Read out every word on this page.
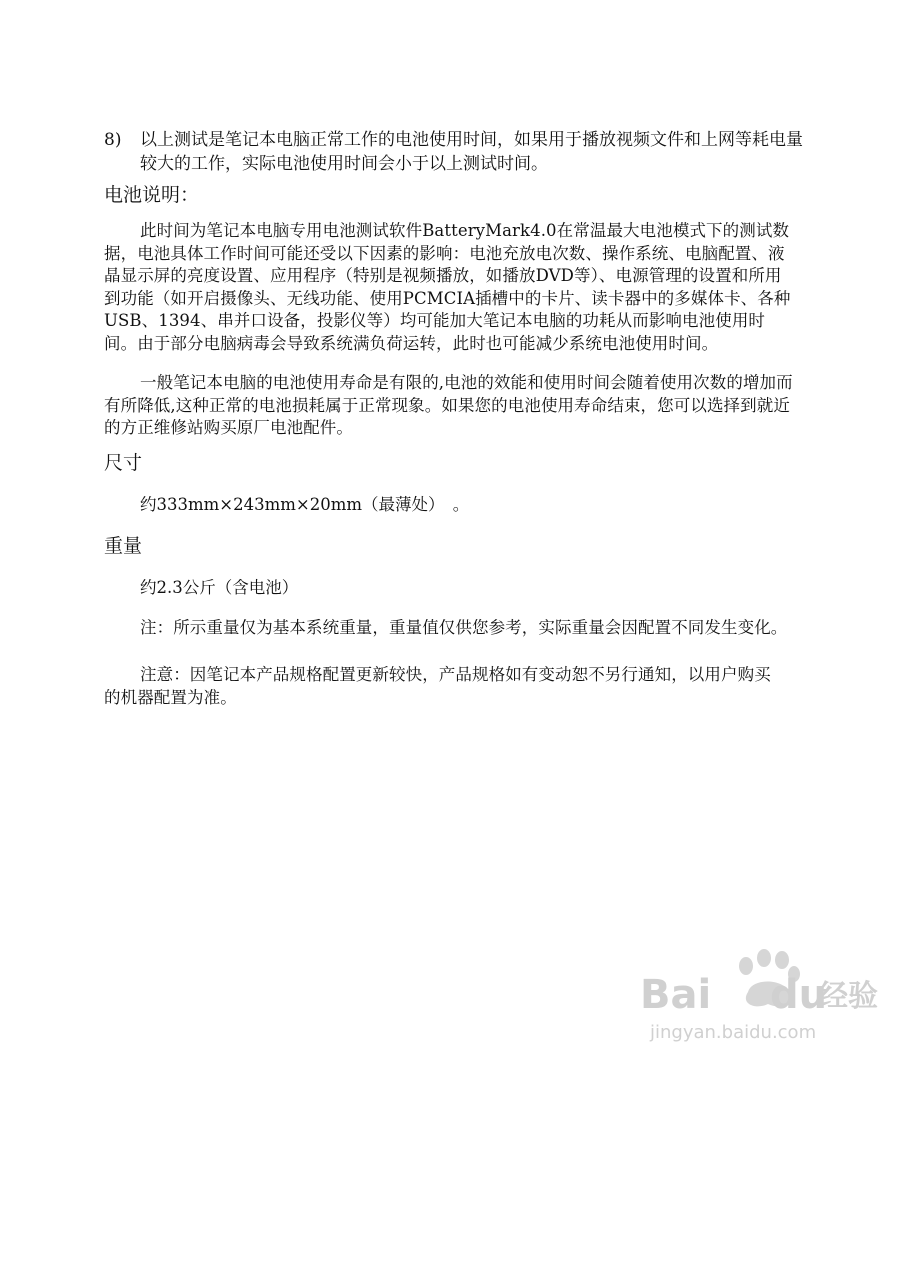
8) 以上测试是笔记本电脑正常工作的电池使用时间，如果用于播放视频文件和上网等耗电量较大的工作，实际电池使用时间会小于以上测试时间。
电池说明：
此时间为笔记本电脑专用电池测试软件BatteryMark4.0在常温最大电池模式下的测试数据，电池具体工作时间可能还受以下因素的影响：电池充放电次数、操作系统、电脑配置、液晶显示屏的亮度设置、应用程序（特别是视频播放，如播放DVD等）、电源管理的设置和所用到功能（如开启摄像头、无线功能、使用PCMCIA插槽中的卡片、读卡器中的多媒体卡、各种USB、1394、串并口设备，投影仪等）均可能加大笔记本电脑的功耗从而影响电池使用时间。由于部分电脑病毒会导致系统满负荷运转，此时也可能减少系统电池使用时间。
一般笔记本电脑的电池使用寿命是有限的,电池的效能和使用时间会随着使用次数的增加而有所降低,这种正常的电池损耗属于正常现象。如果您的电池使用寿命结束，您可以选择到就近的方正维修站购买原厂电池配件。
尺寸
约333mm×243mm×20mm（最薄处）　。
重量
约2.3公斤（含电池）
注：所示重量仅为基本系统重量，重量值仅供您参考，实际重量会因配置不同发生变化。
注意：因笔记本产品规格配置更新较快，产品规格如有变动恕不另行通知，以用户购买的机器配置为准。
Bai du
经验
jingyan.baidu.com
